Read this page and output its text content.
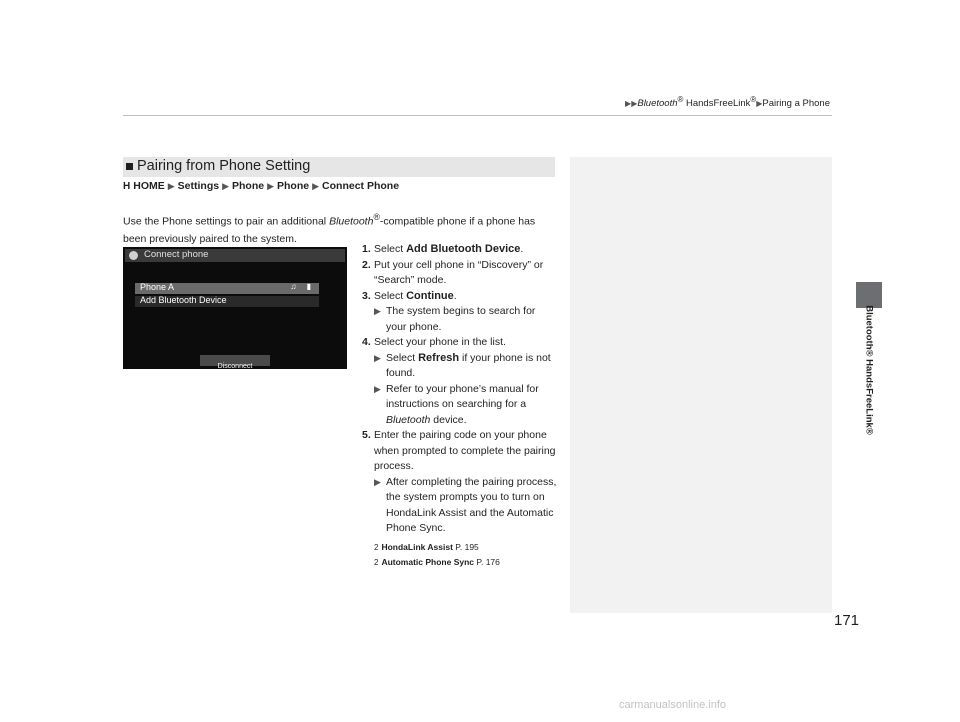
▶▶Bluetooth® HandsFreeLink®▶Pairing a Phone
Bluetooth® HandsFreeLink®
Pairing from Phone Setting
H HOME ▶ Settings ▶ Phone ▶ Phone ▶ Connect Phone
Use the Phone settings to pair an additional Bluetooth®-compatible phone if a phone has been previously paired to the system.
Connect phone
Phone A	♫ ▮
Add Bluetooth Device
Disconnect
1. Select Add Bluetooth Device.
2. Put your cell phone in “Discovery” or “Search” mode.
3. Select Continue.
▶ The system begins to search for your phone.
4. Select your phone in the list.
▶ Select Refresh if your phone is not found.
▶ Refer to your phone’s manual for instructions on searching for a Bluetooth device.
5. Enter the pairing code on your phone when prompted to complete the pairing process.
▶ After completing the pairing process, the system prompts you to turn on HondaLink Assist and the Automatic Phone Sync.
2 HondaLink Assist P. 195
2 Automatic Phone Sync P. 176
171
carmanualsonline.info
